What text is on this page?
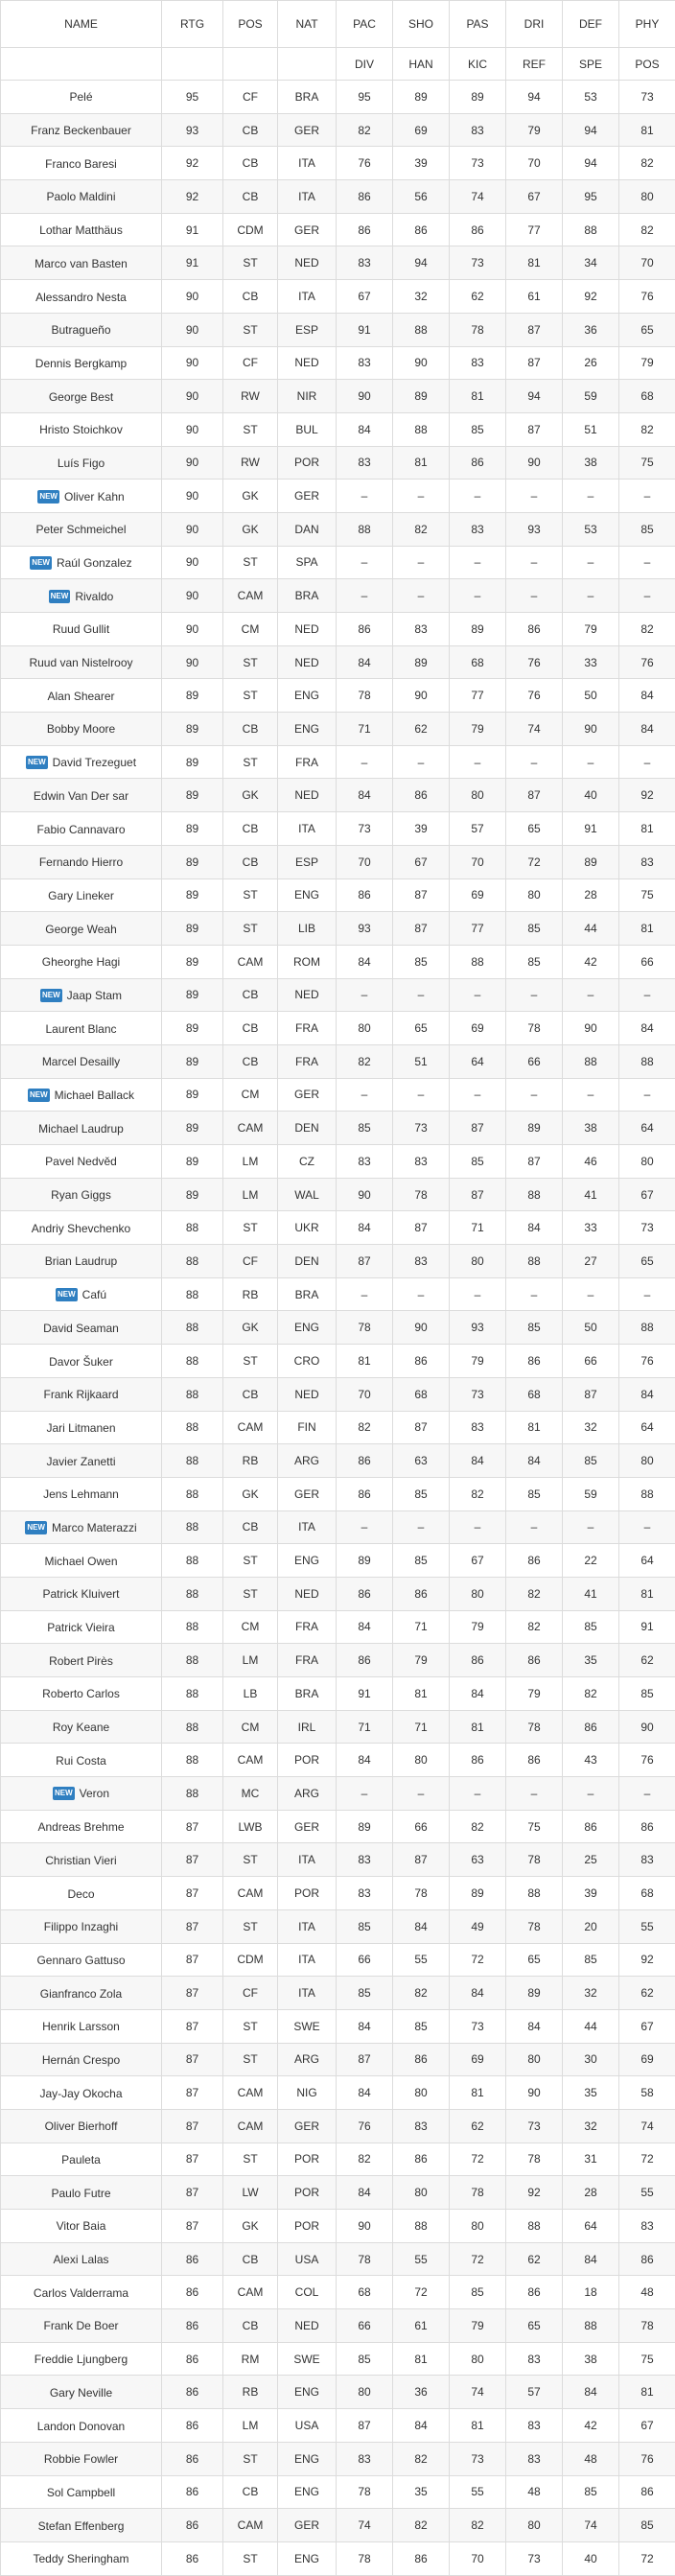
NAME	RTG	POS	NAT	PAC	SHO	PAS	DRI	DEF	PHY
				DIV	HAN	KIC	REF	SPE	POS
Pelé	95	CF	BRA	95	89	89	94	53	73
Franz Beckenbauer	93	CB	GER	82	69	83	79	94	81
Franco Baresi	92	CB	ITA	76	39	73	70	94	82
Paolo Maldini	92	CB	ITA	86	56	74	67	95	80
Lothar Matthäus	91	CDM	GER	86	86	86	77	88	82
Marco van Basten	91	ST	NED	83	94	73	81	34	70
Alessandro Nesta	90	CB	ITA	67	32	62	61	92	76
Butragueño	90	ST	ESP	91	88	78	87	36	65
Dennis Bergkamp	90	CF	NED	83	90	83	87	26	79
George Best	90	RW	NIR	90	89	81	94	59	68
Hristo Stoichkov	90	ST	BUL	84	88	85	87	51	82
Luís Figo	90	RW	POR	83	81	86	90	38	75
NEW Oliver Kahn	90	GK	GER	–	–	–	–	–	–
Peter Schmeichel	90	GK	DAN	88	82	83	93	53	85
NEW Raúl Gonzalez	90	ST	SPA	–	–	–	–	–	–
NEW Rivaldo	90	CAM	BRA	–	–	–	–	–	–
Ruud Gullit	90	CM	NED	86	83	89	86	79	82
Ruud van Nistelrooy	90	ST	NED	84	89	68	76	33	76
Alan Shearer	89	ST	ENG	78	90	77	76	50	84
Bobby Moore	89	CB	ENG	71	62	79	74	90	84
NEW David Trezeguet	89	ST	FRA	–	–	–	–	–	–
Edwin Van Der sar	89	GK	NED	84	86	80	87	40	92
Fabio Cannavaro	89	CB	ITA	73	39	57	65	91	81
Fernando Hierro	89	CB	ESP	70	67	70	72	89	83
Gary Lineker	89	ST	ENG	86	87	69	80	28	75
George Weah	89	ST	LIB	93	87	77	85	44	81
Gheorghe Hagi	89	CAM	ROM	84	85	88	85	42	66
NEW Jaap Stam	89	CB	NED	–	–	–	–	–	–
Laurent Blanc	89	CB	FRA	80	65	69	78	90	84
Marcel Desailly	89	CB	FRA	82	51	64	66	88	88
NEW Michael Ballack	89	CM	GER	–	–	–	–	–	–
Michael Laudrup	89	CAM	DEN	85	73	87	89	38	64
Pavel Nedvěd	89	LM	CZ	83	83	85	87	46	80
Ryan Giggs	89	LM	WAL	90	78	87	88	41	67
Andriy Shevchenko	88	ST	UKR	84	87	71	84	33	73
Brian Laudrup	88	CF	DEN	87	83	80	88	27	65
NEW Cafú	88	RB	BRA	–	–	–	–	–	–
David Seaman	88	GK	ENG	78	90	93	85	50	88
Davor Šuker	88	ST	CRO	81	86	79	86	66	76
Frank Rijkaard	88	CB	NED	70	68	73	68	87	84
Jari Litmanen	88	CAM	FIN	82	87	83	81	32	64
Javier Zanetti	88	RB	ARG	86	63	84	84	85	80
Jens Lehmann	88	GK	GER	86	85	82	85	59	88
NEW Marco Materazzi	88	CB	ITA	–	–	–	–	–	–
Michael Owen	88	ST	ENG	89	85	67	86	22	64
Patrick Kluivert	88	ST	NED	86	86	80	82	41	81
Patrick Vieira	88	CM	FRA	84	71	79	82	85	91
Robert Pirès	88	LM	FRA	86	79	86	86	35	62
Roberto Carlos	88	LB	BRA	91	81	84	79	82	85
Roy Keane	88	CM	IRL	71	71	81	78	86	90
Rui Costa	88	CAM	POR	84	80	86	86	43	76
NEW Veron	88	MC	ARG	–	–	–	–	–	–
Andreas Brehme	87	LWB	GER	89	66	82	75	86	86
Christian Vieri	87	ST	ITA	83	87	63	78	25	83
Deco	87	CAM	POR	83	78	89	88	39	68
Filippo Inzaghi	87	ST	ITA	85	84	49	78	20	55
Gennaro Gattuso	87	CDM	ITA	66	55	72	65	85	92
Gianfranco Zola	87	CF	ITA	85	82	84	89	32	62
Henrik Larsson	87	ST	SWE	84	85	73	84	44	67
Hernán Crespo	87	ST	ARG	87	86	69	80	30	69
Jay-Jay Okocha	87	CAM	NIG	84	80	81	90	35	58
Oliver Bierhoff	87	CAM	GER	76	83	62	73	32	74
Pauleta	87	ST	POR	82	86	72	78	31	72
Paulo Futre	87	LW	POR	84	80	78	92	28	55
Vitor Baia	87	GK	POR	90	88	80	88	64	83
Alexi Lalas	86	CB	USA	78	55	72	62	84	86
Carlos Valderrama	86	CAM	COL	68	72	85	86	18	48
Frank De Boer	86	CB	NED	66	61	79	65	88	78
Freddie Ljungberg	86	RM	SWE	85	81	80	83	38	75
Gary Neville	86	RB	ENG	80	36	74	57	84	81
Landon Donovan	86	LM	USA	87	84	81	83	42	67
Robbie Fowler	86	ST	ENG	83	82	73	83	48	76
Sol Campbell	86	CB	ENG	78	35	55	48	85	86
Stefan Effenberg	86	CAM	GER	74	82	82	80	74	85
Teddy Sheringham	86	ST	ENG	78	86	70	73	40	72
